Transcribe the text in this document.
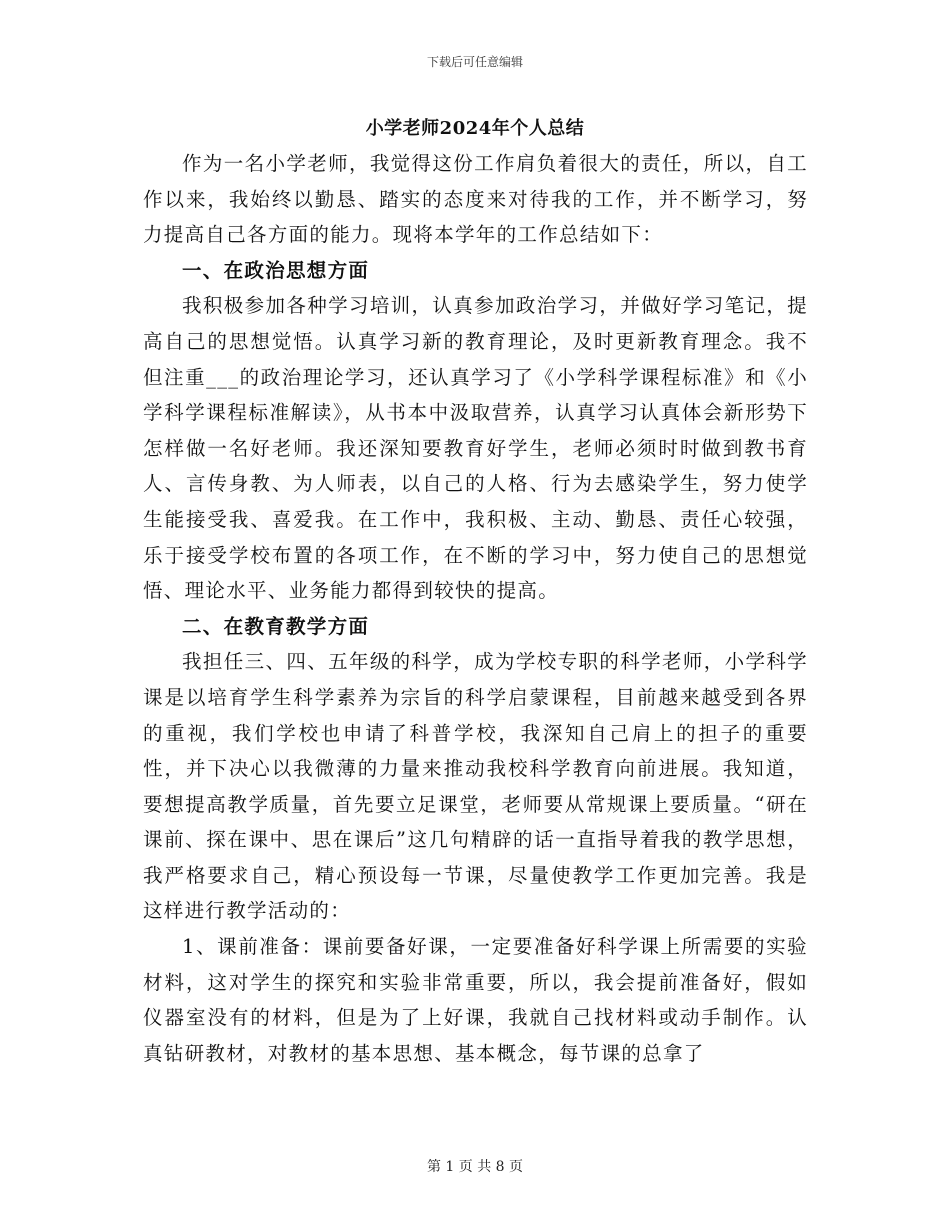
下载后可任意编辑
小学老师2024年个人总结

作为一名小学老师，我觉得这份工作肩负着很大的责任，所以，自工作以来，我始终以勤恳、踏实的态度来对待我的工作，并不断学习，努力提高自己各方面的能力。现将本学年的工作总结如下：

一、在政治思想方面

我积极参加各种学习培训，认真参加政治学习，并做好学习笔记，提高自己的思想觉悟。认真学习新的教育理论，及时更新教育理念。我不但注重___的政治理论学习，还认真学习了《小学科学课程标准》和《小学科学课程标准解读》，从书本中汲取营养，认真学习认真体会新形势下怎样做一名好老师。我还深知要教育好学生，老师必须时时做到教书育人、言传身教、为人师表，以自己的人格、行为去感染学生，努力使学生能接受我、喜爱我。在工作中，我积极、主动、勤恳、责任心较强，乐于接受学校布置的各项工作，在不断的学习中，努力使自己的思想觉悟、理论水平、业务能力都得到较快的提高。

二、在教育教学方面

我担任三、四、五年级的科学，成为学校专职的科学老师，小学科学课是以培育学生科学素养为宗旨的科学启蒙课程，目前越来越受到各界的重视，我们学校也申请了科普学校，我深知自己肩上的担子的重要性，并下决心以我微薄的力量来推动我校科学教育向前进展。我知道，要想提高教学质量，首先要立足课堂，老师要从常规课上要质量。“研在课前、探在课中、思在课后”这几句精辟的话一直指导着我的教学思想，我严格要求自己，精心预设每一节课，尽量使教学工作更加完善。我是这样进行教学活动的：

1、课前准备：课前要备好课，一定要准备好科学课上所需要的实验材料，这对学生的探究和实验非常重要，所以，我会提前准备好，假如仪器室没有的材料，但是为了上好课，我就自己找材料或动手制作。认真钻研教材，对教材的基本思想、基本概念，每节课的总拿了

第 1 页 共 8 页
